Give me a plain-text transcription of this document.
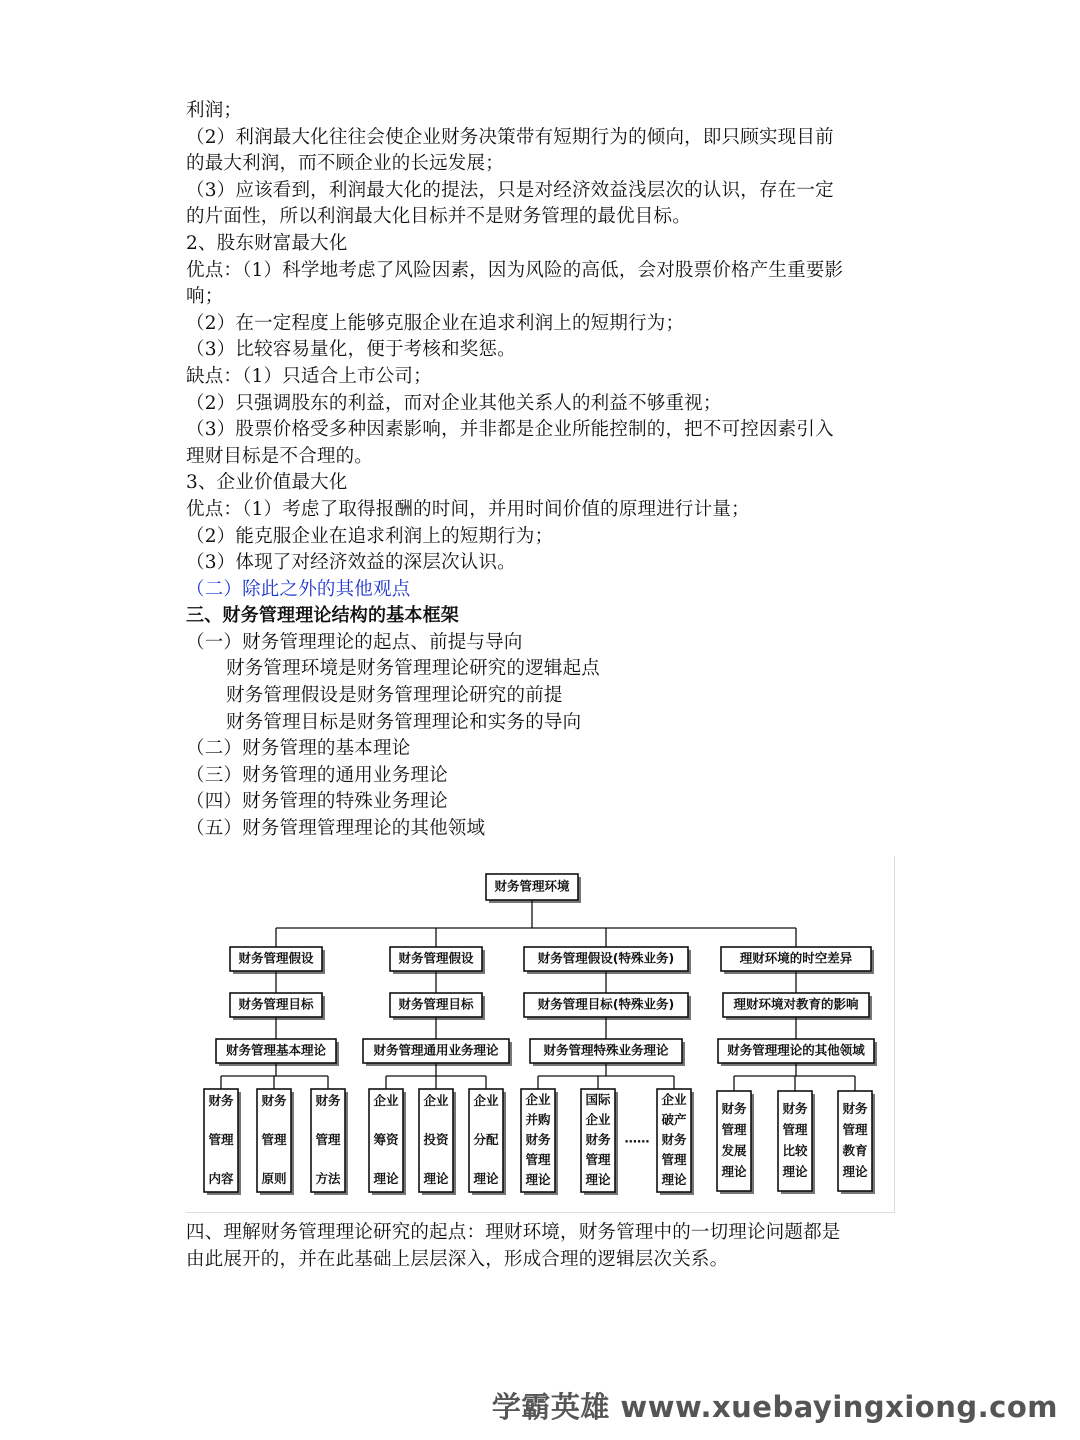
利润；
（2）利润最大化往往会使企业财务决策带有短期行为的倾向，即只顾实现目前
的最大利润，而不顾企业的长远发展；
（3）应该看到，利润最大化的提法，只是对经济效益浅层次的认识，存在一定
的片面性，所以利润最大化目标并不是财务管理的最优目标。
2、股东财富最大化
优点：（1）科学地考虑了风险因素，因为风险的高低，会对股票价格产生重要影
响；
（2）在一定程度上能够克服企业在追求利润上的短期行为；
（3）比较容易量化，便于考核和奖惩。
缺点：（1）只适合上市公司；
（2）只强调股东的利益，而对企业其他关系人的利益不够重视；
（3）股票价格受多种因素影响，并非都是企业所能控制的，把不可控因素引入
理财目标是不合理的。
3、企业价值最大化
优点：（1）考虑了取得报酬的时间，并用时间价值的原理进行计量；
（2）能克服企业在追求利润上的短期行为；
（3）体现了对经济效益的深层次认识。
（二）除此之外的其他观点
三、财务管理理论结构的基本框架
（一）财务管理理论的起点、前提与导向
财务管理环境是财务管理理论研究的逻辑起点
财务管理假设是财务管理理论研究的前提
财务管理目标是财务管理理论和实务的导向
（二）财务管理的基本理论
（三）财务管理的通用业务理论
（四）财务管理的特殊业务理论
（五）财务管理管理理论的其他领域
财务管理环境
财务管理假设
财务管理目标
财务管理基本理论
财务
管理
内容
财务
管理
原则
财务
管理
方法
财务管理假设
财务管理目标
财务管理通用业务理论
企业
筹资
理论
企业
投资
理论
企业
分配
理论
财务管理假设(特殊业务)
财务管理目标(特殊业务)
财务管理特殊业务理论
企业
并购
财务
管理
理论
国际
企业
财务
管理
理论
企业
破产
财务
管理
理论
……
理财环境的时空差异
理财环境对教育的影响
财务管理理论的其他领域
财务
管理
发展
理论
财务
管理
比较
理论
财务
管理
教育
理论
四、理解财务管理理论研究的起点：理财环境，财务管理中的一切理论问题都是
由此展开的，并在此基础上层层深入，形成合理的逻辑层次关系。
学霸英雄 www.xuebayingxiong.com
